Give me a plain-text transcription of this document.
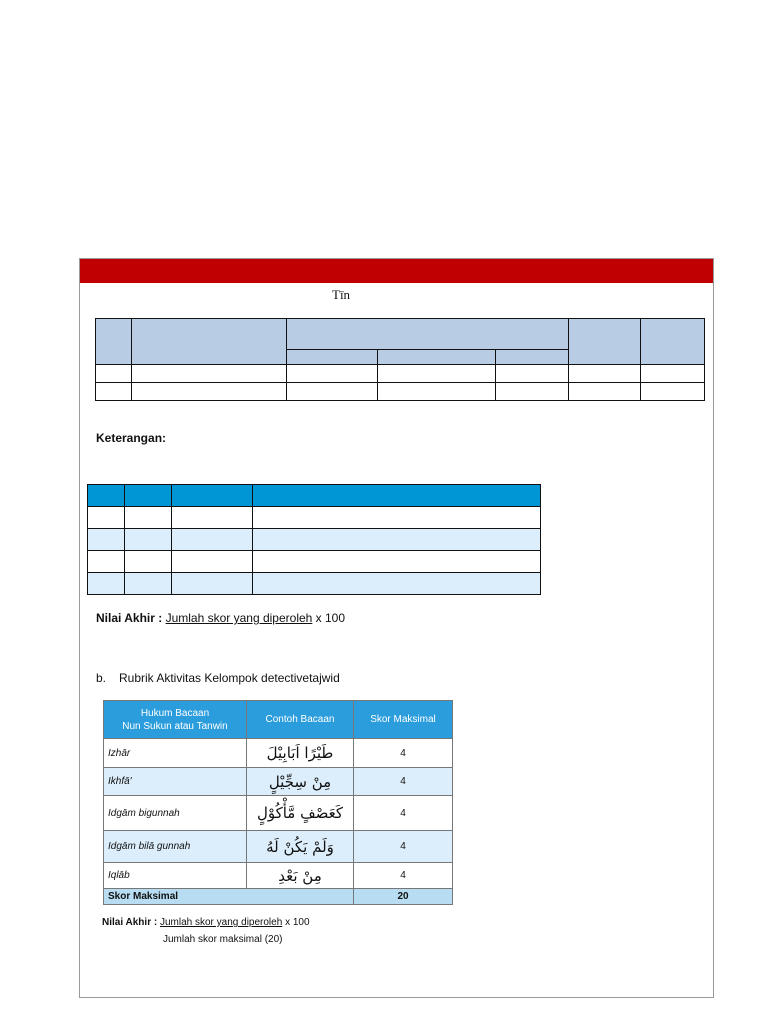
Tīn

Keterangan:

Nilai Akhir : Jumlah skor yang diperoleh x 100
b. Rubrik Aktivitas Kelompok detectivetajwid
Hukum Bacaan
Nun Sukun atau Tanwin	Contoh Bacaan	Skor Maksimal
Izhār	طَيْرًا اَبَابِيْلَ	4
Ikhfā'	مِنْ سِجِّيْلٍ	4
Idgām bigunnah	كَعَصْفٍ مَّأْكُوْلٍ	4
Idgām bilā gunnah	وَلَمْ يَكُنْ لَهُ	4
Iqlāb	مِنْ بَعْدِ	4
Skor Maksimal		20
Nilai Akhir : Jumlah skor yang diperoleh x 100
Jumlah skor maksimal (20)
